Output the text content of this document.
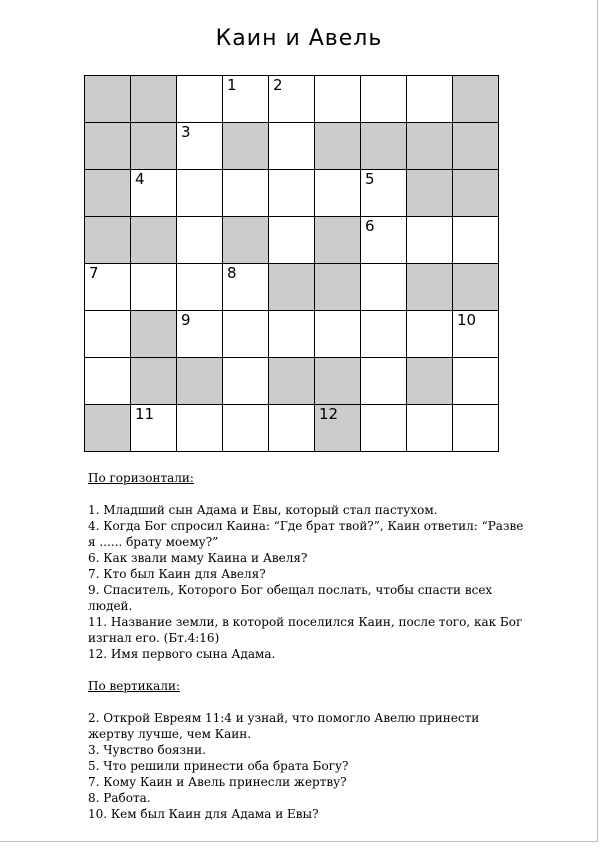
Каин и Авель
1 2
3
4	5
6
7	8
9	10
11	12

По горизонтали:

1. Младший сын Адама и Евы, который стал пастухом.
4. Когда Бог спросил Каина: “Где брат твой?”, Каин ответил: “Разве я ...... брату моему?”
6. Как звали маму Каина и Авеля?
7. Кто был Каин для Авеля?
9. Спаситель, Которого Бог обещал послать, чтобы спасти всех людей.
11. Название земли, в которой поселился Каин, после того, как Бог изгнал его. (Бт.4:16)
12. Имя первого сына Адама.

По вертикали:

2. Открой Евреям 11:4 и узнай, что помогло Авелю принести жертву лучше, чем Каин.
3. Чувство боязни.
5. Что решили принести оба брата Богу?
7. Кому Каин и Авель принесли жертву?
8. Работа.
10. Кем был Каин для Адама и Евы?
